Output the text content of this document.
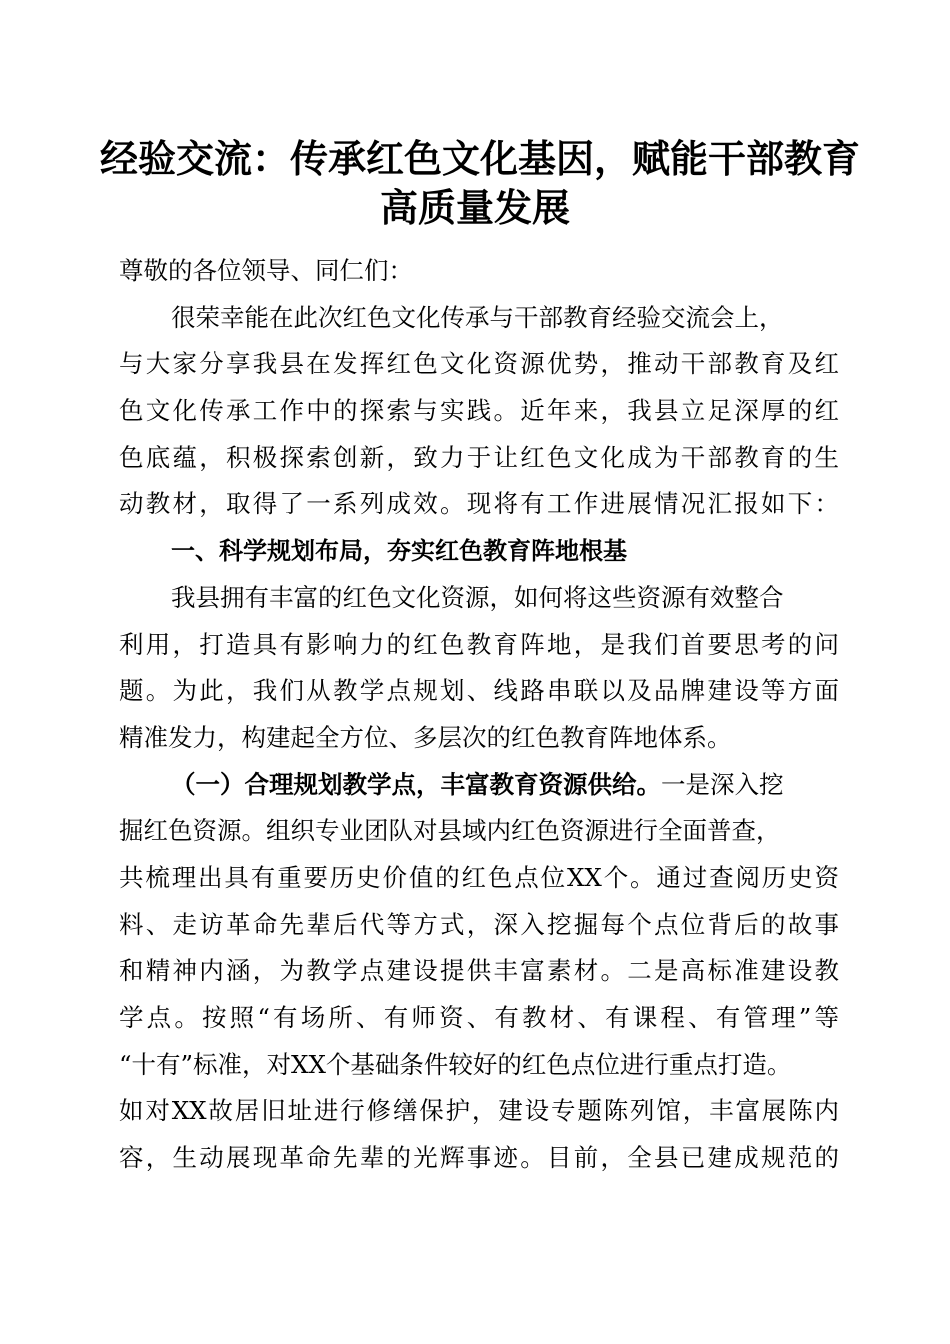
经验交流：传承红色文化基因，赋能干部教育
高质量发展
尊敬的各位领导、同仁们：
很荣幸能在此次红色文化传承与干部教育经验交流会上，
与大家分享我县在发挥红色文化资源优势，推动干部教育及红
色文化传承工作中的探索与实践。近年来，我县立足深厚的红
色底蕴，积极探索创新，致力于让红色文化成为干部教育的生
动教材，取得了一系列成效。现将有工作进展情况汇报如下：
一、科学规划布局，夯实红色教育阵地根基
我县拥有丰富的红色文化资源，如何将这些资源有效整合
利用，打造具有影响力的红色教育阵地，是我们首要思考的问
题。为此，我们从教学点规划、线路串联以及品牌建设等方面
精准发力，构建起全方位、多层次的红色教育阵地体系。
（一）合理规划教学点，丰富教育资源供给。一是深入挖
掘红色资源。组织专业团队对县域内红色资源进行全面普查，
共梳理出具有重要历史价值的红色点位XX个。通过查阅历史资
料、走访革命先辈后代等方式，深入挖掘每个点位背后的故事
和精神内涵，为教学点建设提供丰富素材。二是高标准建设教
学点。按照“有场所、有师资、有教材、有课程、有管理”等
“十有”标准，对XX个基础条件较好的红色点位进行重点打造。
如对XX故居旧址进行修缮保护，建设专题陈列馆，丰富展陈内
容，生动展现革命先辈的光辉事迹。目前，全县已建成规范的
